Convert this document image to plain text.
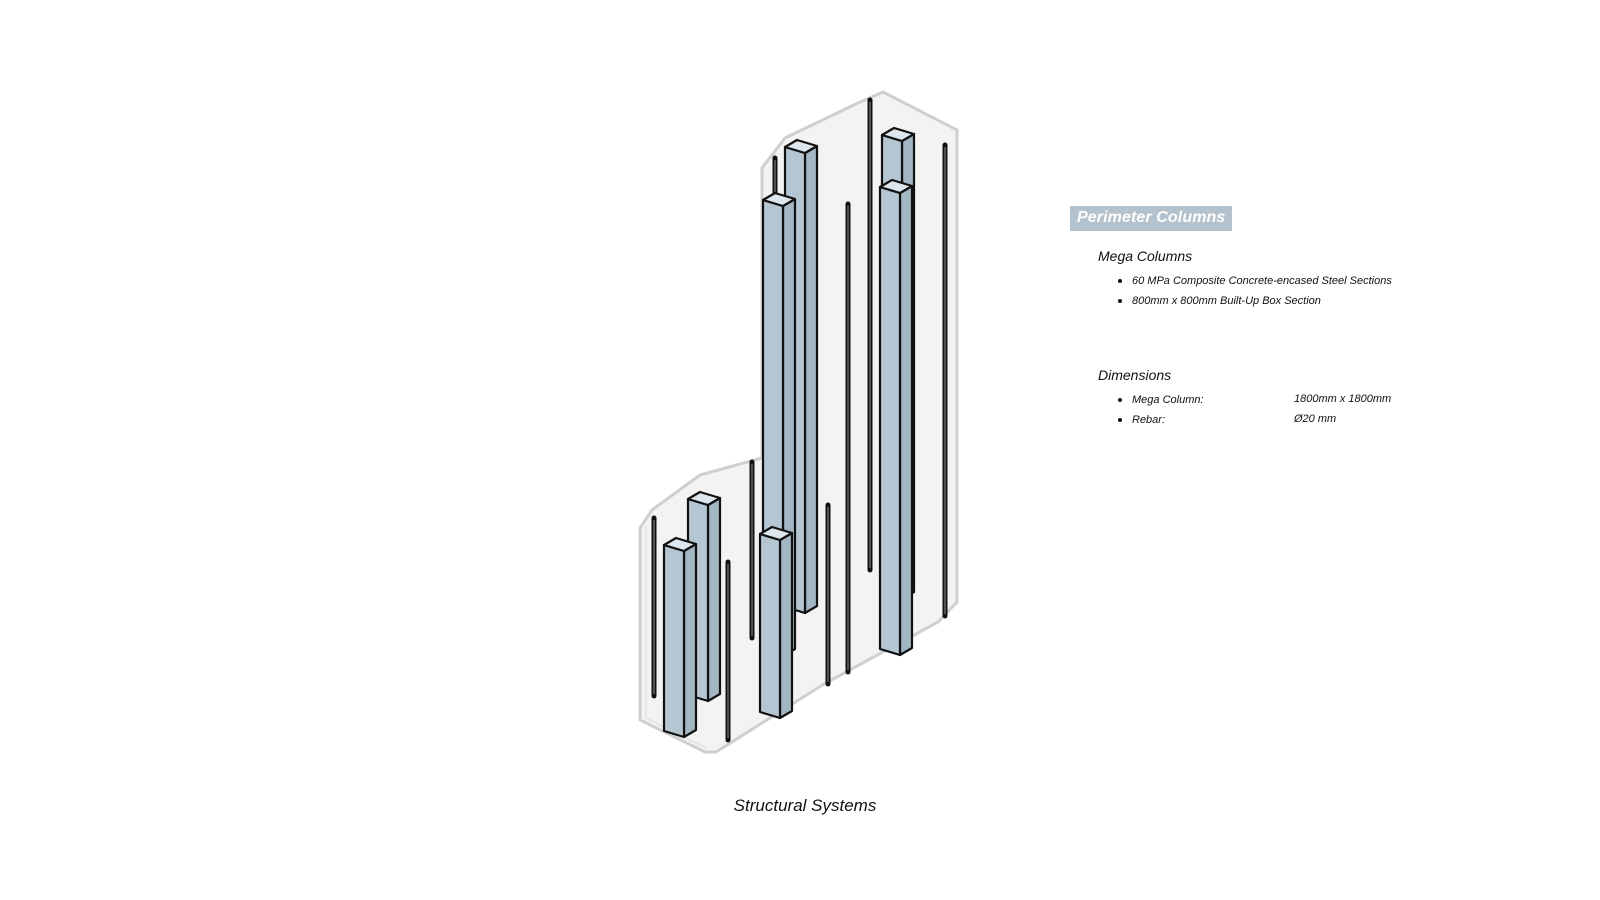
Structural Systems
Perimeter Columns
Mega Columns
60 MPa Composite Concrete-encased Steel Sections
800mm x 800mm Built-Up Box Section
Dimensions
Mega Column:	1800mm x 1800mm
Rebar:	Ø20 mm
